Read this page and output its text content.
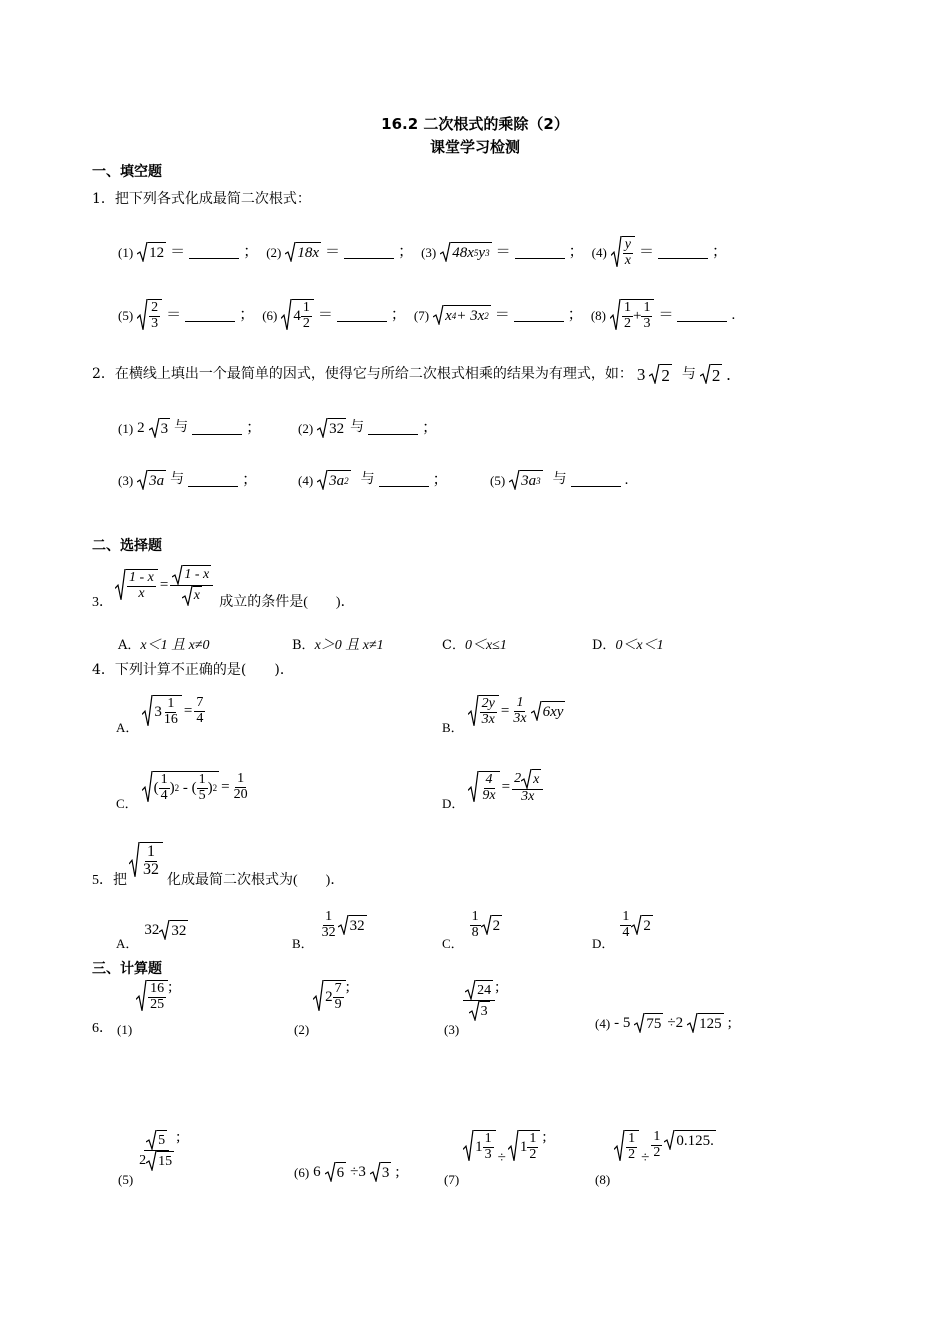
16.2 二次根式的乘除（2）
课堂学习检测
一、填空题
1．把下列各式化成最简二次根式：
(1) 12 ＝	； (2) 18x ＝	； (3) 48x 5 y 3 ＝	； $(4) \frac{y}{x}$ ＝	；
$(5) \frac{2}{3}$ ＝	； (6) $4 \frac{1}{2}$ ＝	； (7) x 4 + 3x 2 ＝	； $(8) \frac{1}{2} + \frac{1}{3}$ ＝	.
2．在横线上填出一个最简单的因式，使得它与所给二次根式相乘的结果为有理式，如： 3 2 与 2 .
(1) 2 3 与	；	(2) 32 与	；
(3) 3a 与	；	(4) 3a 2 与	；	(5) 3a 3 与	.
二、选择题
3．
$\frac{1 - x}{x} = \frac{1 - x}{x}$ 成立的条件是(　　)．
A．x＜1 且 x≠0	B．x＞0 且 x≠1	C．0＜x≤1	D．0＜x＜1
4．下列计算不正确的是(　　)．
A．
$3 \frac{1}{16} = \frac{7}{4}$
B．
$\frac{2y}{3x} = \frac{1}{3x} 6xy$
C．
( $\frac{1}{4}$ ) 2 - ( $\frac{1}{5}$ ) $2 = \frac{1}{20}$
D．
$\frac{4}{9x} = \frac{2 x}{3x}$
5．把
$\frac{1}{32}$
化成最简二次根式为(　　)．
A．
32 32
B．
$\frac{1}{32} 32$
C．
$\frac{1}{8} 2$
D．
$\frac{1}{4} 2$
三、计算题
6． (1)
$\frac{16}{25}$ ;
(2)
$2 \frac{7}{9}$ ;
(3)
$\frac{24}{3}$ ;
(4) - 5 75 ÷2 125 ;
(5)
$\frac{5}{2 15}$ ;
(6) 6 6 ÷3 3 ;	(7)
$1 \frac{1}{3}$ ÷
$1 \frac{1}{2}$ ;
(8)
$\frac{1}{2} \div \frac{1}{2} 0.125$.
